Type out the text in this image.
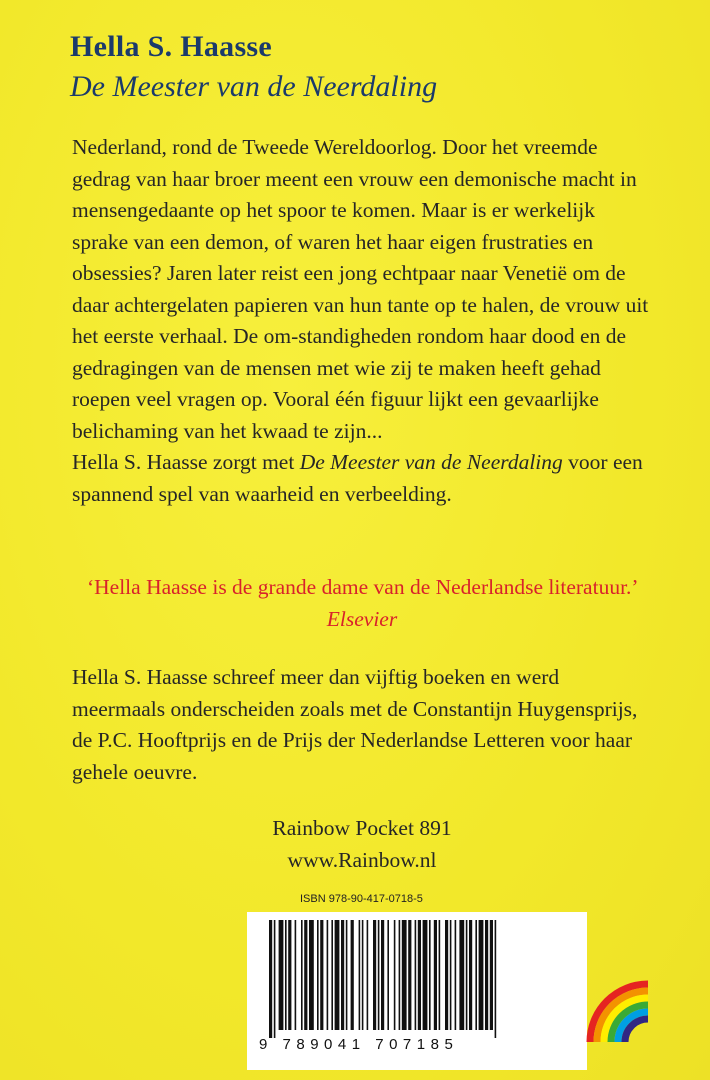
Hella S. Haasse
De Meester van de Neerdaling

Nederland, rond de Tweede Wereldoorlog. Door het vreemde gedrag van haar broer meent een vrouw een demonische macht in mensengedaante op het spoor te komen. Maar is er werkelijk sprake van een demon, of waren het haar eigen frustraties en obsessies? Jaren later reist een jong echtpaar naar Venetië om de daar achtergelaten papieren van hun tante op te halen, de vrouw uit het eerste verhaal. De om-standigheden rondom haar dood en de gedragingen van de mensen met wie zij te maken heeft gehad roepen veel vragen op. Vooral één figuur lijkt een gevaarlijke belichaming van het kwaad te zijn...

Hella S. Haasse zorgt met De Meester van de Neerdaling voor een spannend spel van waarheid en verbeelding.

‘Hella Haasse is de grande dame van de Nederlandse literatuur.’ Elsevier
Hella S. Haasse schreef meer dan vijftig boeken en werd meermaals onderscheiden zoals met de Constantijn Huygensprijs, de P.C. Hooftprijs en de Prijs der Nederlandse Letteren voor haar gehele oeuvre.
Rainbow Pocket 891
www.Rainbow.nl
ISBN 978-90-417-0718-5
9 789041 707185
